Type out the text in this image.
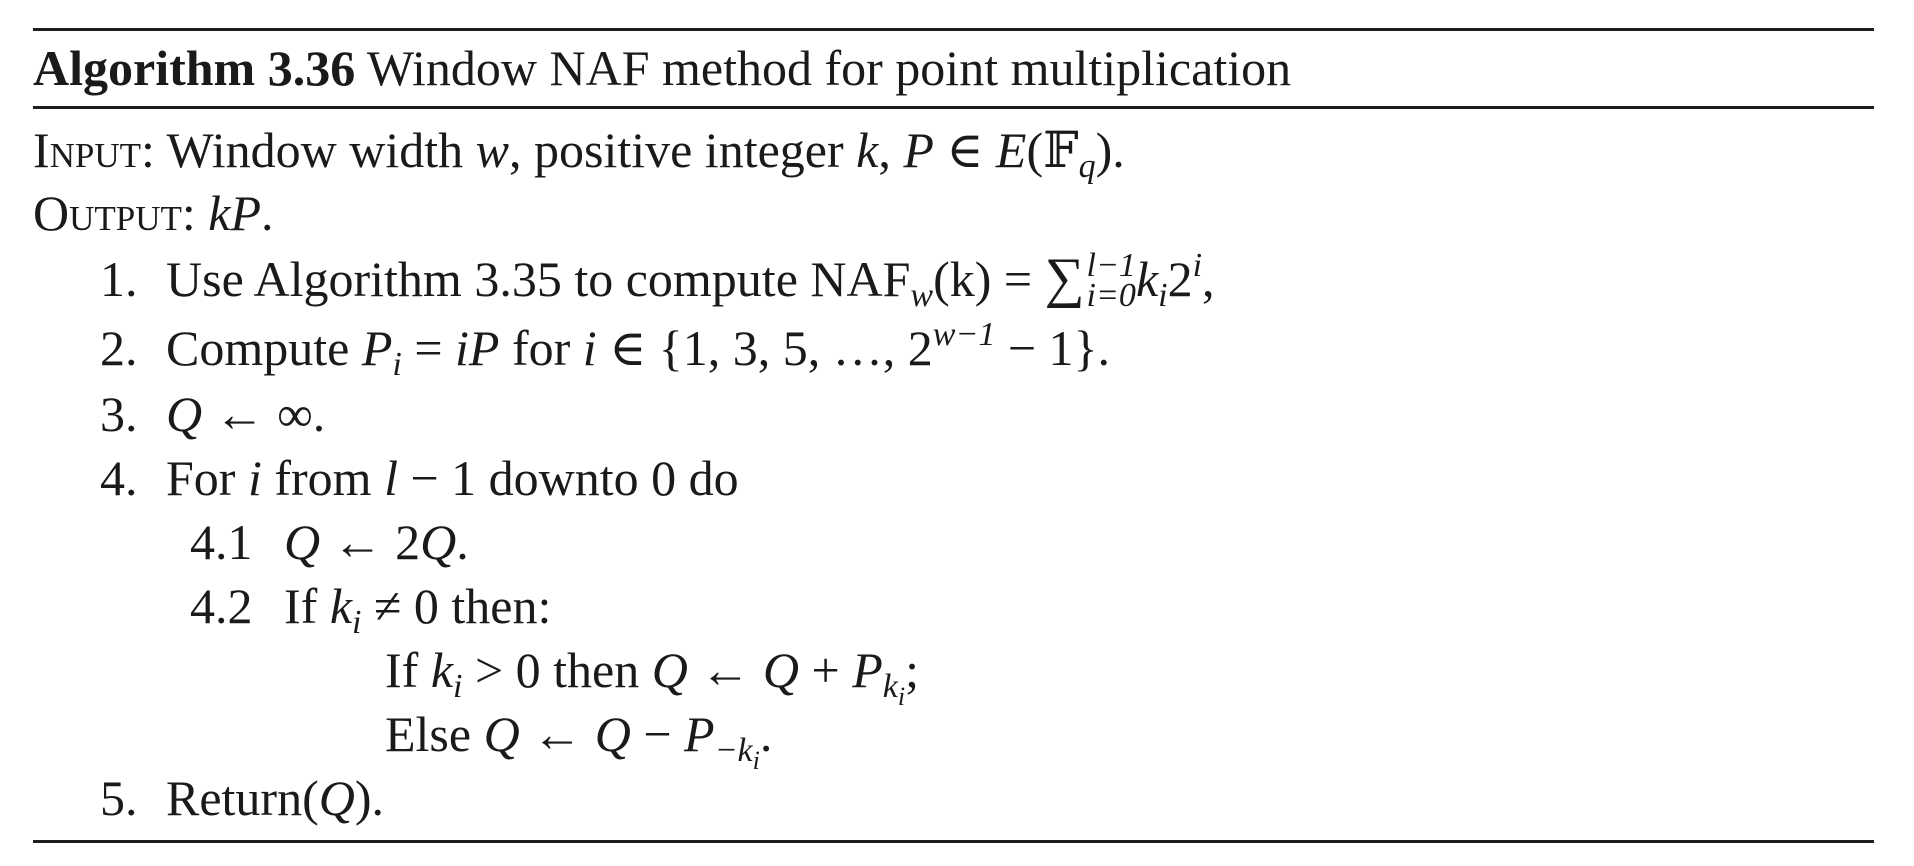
Algorithm 3.36 Window NAF method for point multiplication
Input: Window width w, positive integer k, P ∈ E(𝔽$_q$).
Output: kP.
1. Use Algorithm 3.35 to compute $NAF_w(k)$ = ∑ l−1
i=0 $k_i2^i$,
2. Compute $P_i$ = iP for i ∈ {1, 3, 5, …, $2^{w-1} - 1$}.
3. Q ← ∞.
4. For i from l − 1 downto 0 do
4.1 Q ← 2Q.
4.2 If $k_i \ne 0$ then:
If $k_i > 0$ then Q ← $Q + P_{k_i}$;
Else Q ← $Q - P_{-k_i}$.
5. Return(Q).
